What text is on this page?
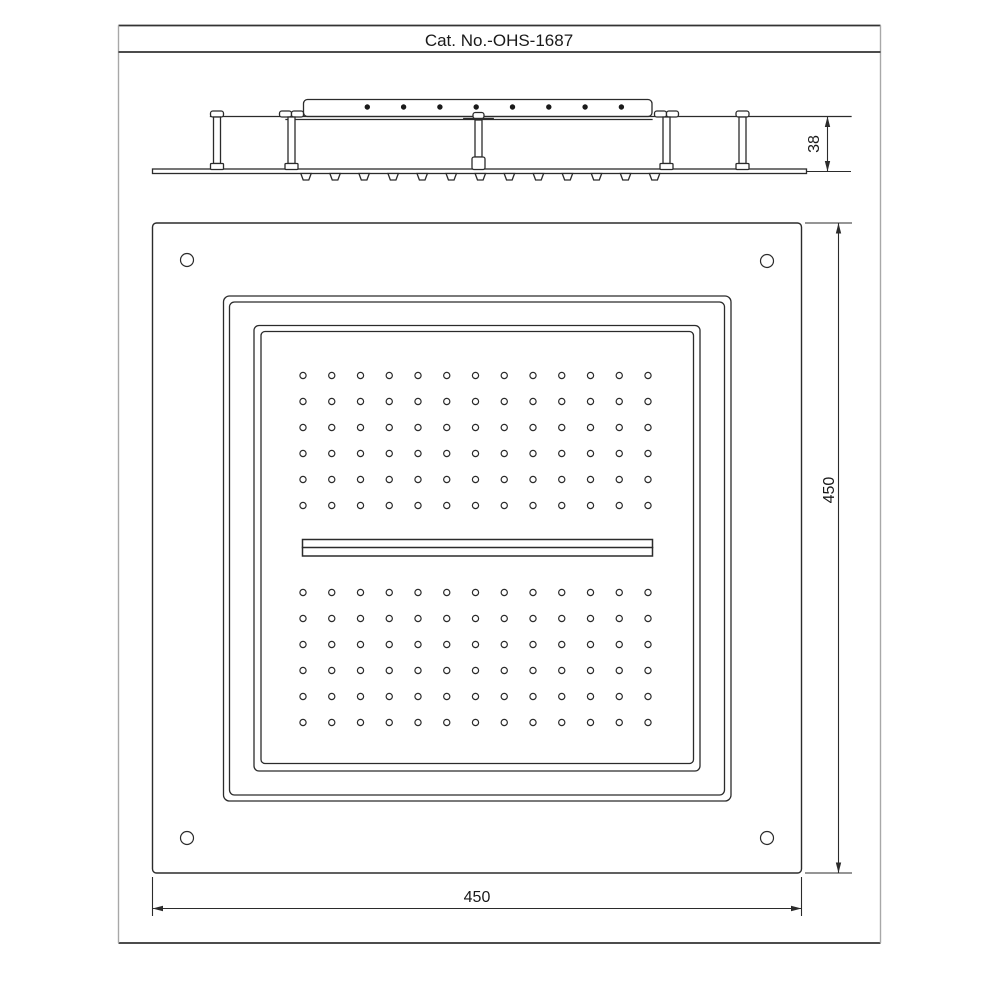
Cat. No.-OHS-1687
38
450
450
